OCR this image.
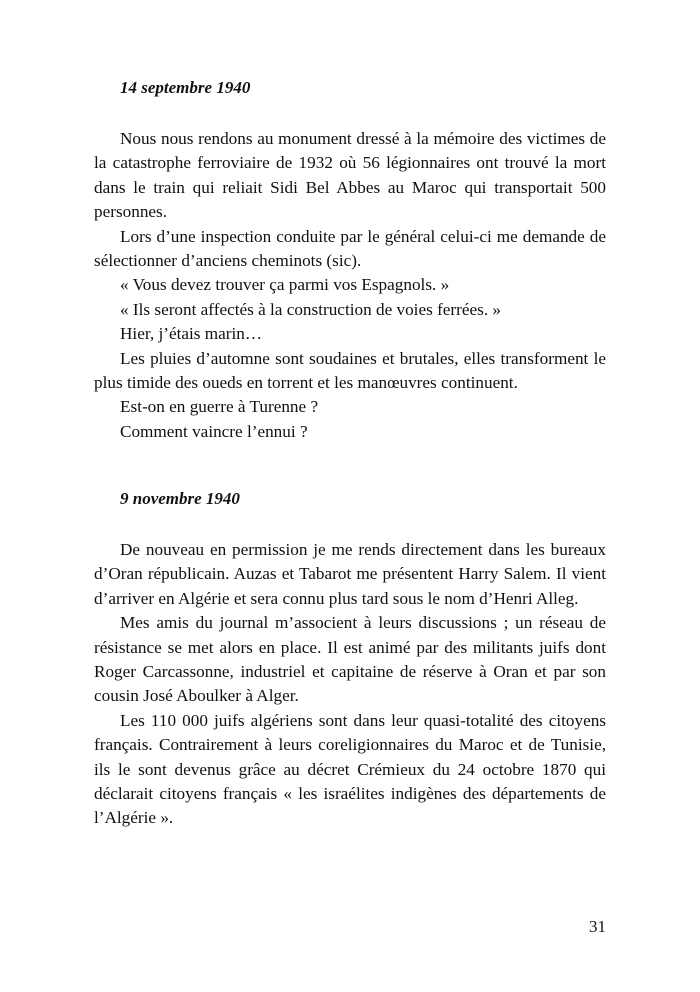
14 septembre 1940

Nous nous rendons au monument dressé à la mémoire des victimes de la catastrophe ferroviaire de 1932 où 56 légionnaires ont trouvé la mort dans le train qui reliait Sidi Bel Abbes au Maroc qui transportait 500 personnes.

Lors d’une inspection conduite par le général celui-ci me demande de sélectionner d’anciens cheminots (sic).

« Vous devez trouver ça parmi vos Espagnols. »

« Ils seront affectés à la construction de voies ferrées. »

Hier, j’étais marin…

Les pluies d’automne sont soudaines et brutales, elles transforment le plus timide des oueds en torrent et les manœuvres continuent.

Est-on en guerre à Turenne ?

Comment vaincre l’ennui ?

9 novembre 1940

De nouveau en permission je me rends directement dans les bureaux d’Oran républicain. Auzas et Tabarot me présentent Harry Salem. Il vient d’arriver en Algérie et sera connu plus tard sous le nom d’Henri Alleg.

Mes amis du journal m’associent à leurs discussions ; un réseau de résistance se met alors en place. Il est animé par des militants juifs dont Roger Carcassonne, industriel et capitaine de réserve à Oran et par son cousin José Aboulker à Alger.

Les 110 000 juifs algériens sont dans leur quasi-totalité des citoyens français. Contrairement à leurs coreligionnaires du Maroc et de Tunisie, ils le sont devenus grâce au décret Crémieux du 24 octobre 1870 qui déclarait citoyens français « les israélites indigènes des départements de l’Algérie ».

31
